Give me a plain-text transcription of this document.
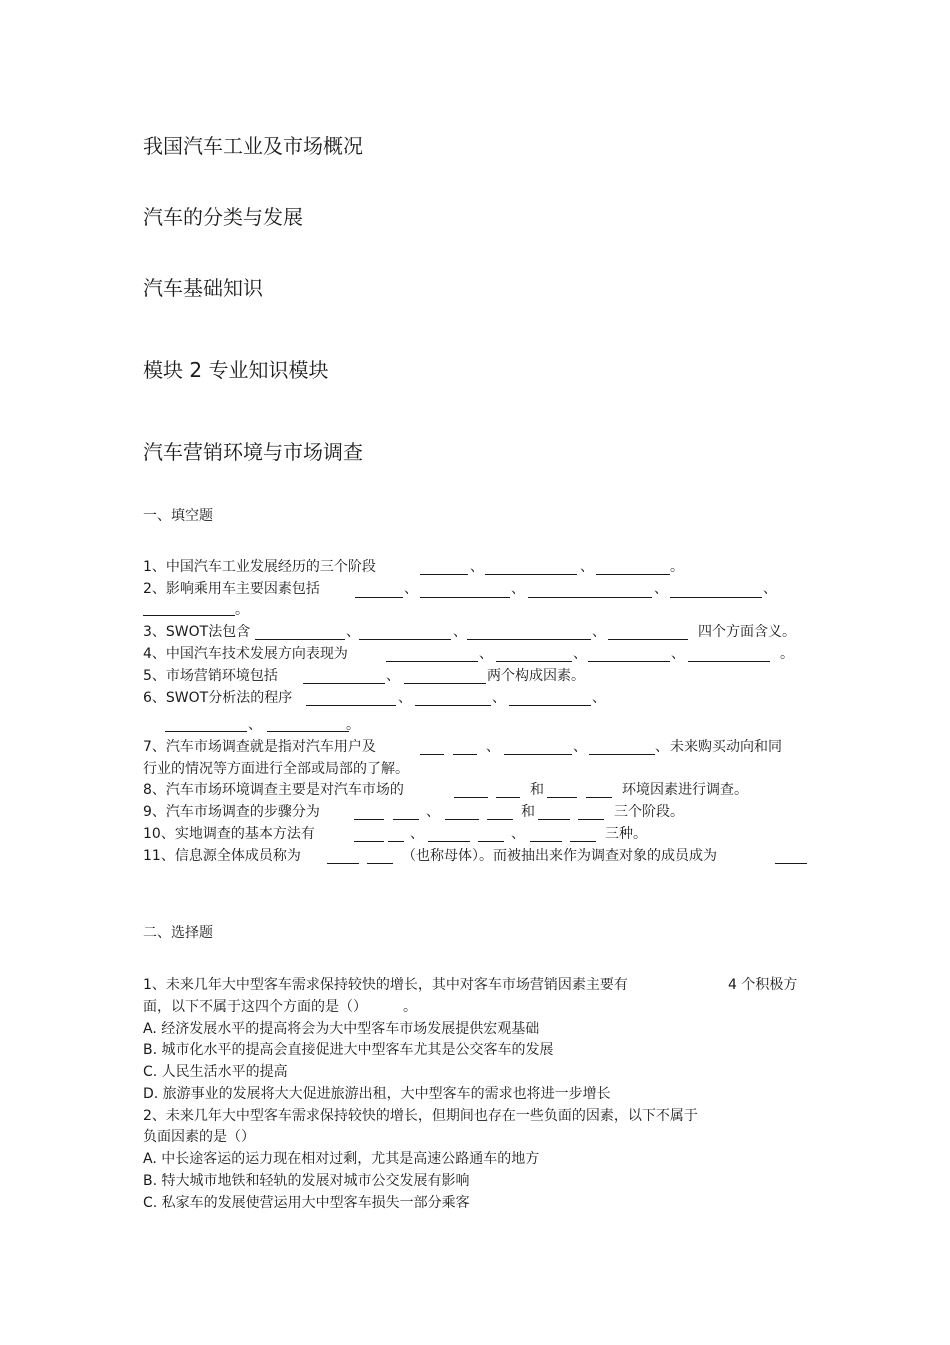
我国汽车工业及市场概况
汽车的分类与发展
汽车基础知识
模块 2 专业知识模块
汽车营销环境与市场调查
一、填空题
1、中国汽车工业发展经历的三个阶段	、	、	。
2、影响乘用车主要因素包括	、	、	、	、
。
3、SWOT法包含	、	、	、	四个方面含义。
4、中国汽车技术发展方向表现为	、	、	、	。
5、市场营销环境包括	、	两个构成因素。
6、SWOT分析法的程序	、	、	、
、	。
7、汽车市场调查就是指对汽车用户及	、	、	、 未来购买动向和同
行业的情况等方面进行全部或局部的了解。
8、汽车市场环境调查主要是对汽车市场的	和	环境因素进行调查。
9、汽车市场调查的步骤分为	、	和	三个阶段。
10、实地调查的基本方法有	、	、	三种。
11、信息源全体成员称为	（也称母体）。而被抽出来作为调查对象的成员成为
二、选择题
1、未来几年大中型客车需求保持较快的增长，其中对客车市场营销因素主要有	4 个积极方
面，以下不属于这四个方面的是（）	。
A. 经济发展水平的提高将会为大中型客车市场发展提供宏观基础
B. 城市化水平的提高会直接促进大中型客车尤其是公交客车的发展
C. 人民生活水平的提高
D. 旅游事业的发展将大大促进旅游出租，大中型客车的需求也将进一步增长
2、未来几年大中型客车需求保持较快的增长，但期间也存在一些负面的因素，以下不属于
负面因素的是（）
A. 中长途客运的运力现在相对过剩，尤其是高速公路通车的地方
B. 特大城市地铁和轻轨的发展对城市公交发展有影响
C. 私家车的发展使营运用大中型客车损失一部分乘客
